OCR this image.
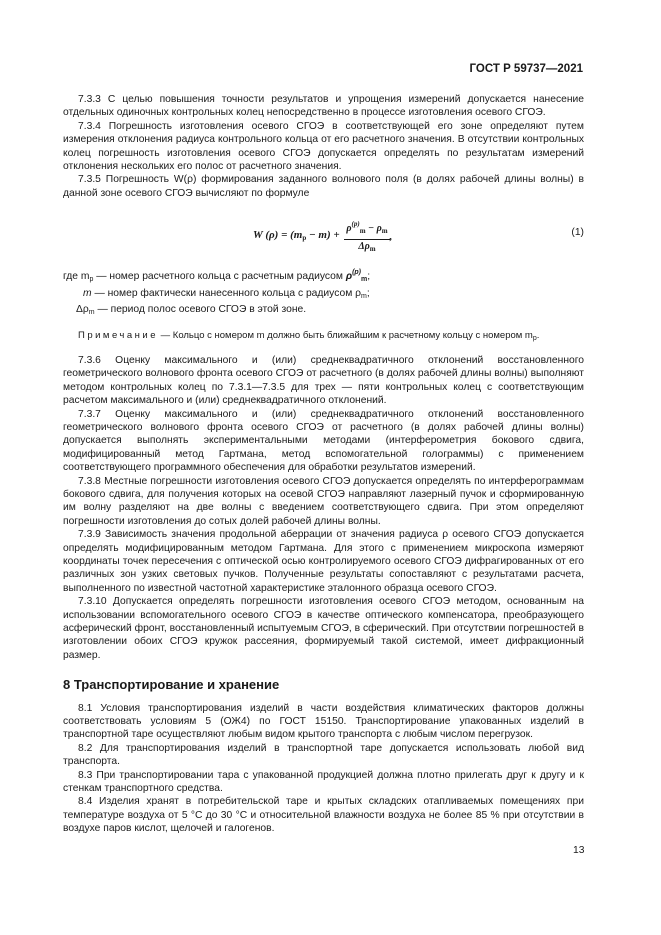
ГОСТ Р 59737—2021

7.3.3 С целью повышения точности результатов и упрощения измерений допускается нанесение отдельных одиночных контрольных колец непосредственно в процессе изготовления осевого СГОЭ.

7.3.4 Погрешность изготовления осевого СГОЭ в соответствующей его зоне определяют путем измерения отклонения радиуса контрольного кольца от его расчетного значения. В отсутствии контрольных колец погрешность изготовления осевого СГОЭ допускается определять по результатам измерений отклонения нескольких его полос от расчетного значения.

7.3.5 Погрешность W(ρ) формирования заданного волнового поля (в долях рабочей длины волны) в данной зоне осевого СГОЭ вычисляют по формуле

W $(\rho) = (m_p - m) + \frac{\rho^{(p)}_m - \rho_m}{\Delta\rho_m}$ ,	(1)

где $m_p$ — номер расчетного кольца с расчетным радиусом $\rho^{(p)}_m$;

m — номер фактически нанесенного кольца с радиусом $\rho_m$;

$\Delta\rho_m$ — период полос осевого СГОЭ в этой зоне.

Примечание — Кольцо с номером m должно быть ближайшим к расчетному кольцу с номером $m_p$.

7.3.6 Оценку максимального и (или) среднеквадратичного отклонений восстановленного геометрического волнового фронта осевого СГОЭ от расчетного (в долях рабочей длины волны) выполняют методом контрольных колец по 7.3.1—7.3.5 для трех — пяти контрольных колец с соответствующим расчетом максимального и (или) среднеквадратичного отклонений.

7.3.7 Оценку максимального и (или) среднеквадратичного отклонений восстановленного геометрического волнового фронта осевого СГОЭ от расчетного (в долях рабочей длины волны) допускается выполнять экспериментальными методами (интерферометрия бокового сдвига, модифицированный метод Гартмана, метод вспомогательной голограммы) с применением соответствующего программного обеспечения для обработки результатов измерений.

7.3.8 Местные погрешности изготовления осевого СГОЭ допускается определять по интерферограммам бокового сдвига, для получения которых на осевой СГОЭ направляют лазерный пучок и сформированную им волну разделяют на две волны с введением соответствующего сдвига. При этом определяют погрешности изготовления до сотых долей рабочей длины волны.

7.3.9 Зависимость значения продольной аберрации от значения радиуса ρ осевого СГОЭ допускается определять модифицированным методом Гартмана. Для этого с применением микроскопа измеряют координаты точек пересечения с оптической осью контролируемого осевого СГОЭ дифрагированных от его различных зон узких световых пучков. Полученные результаты сопоставляют с результатами расчета, выполненного по известной частотной характеристике эталонного образца осевого СГОЭ.

7.3.10 Допускается определять погрешности изготовления осевого СГОЭ методом, основанным на использовании вспомогательного осевого СГОЭ в качестве оптического компенсатора, преобразующего асферический фронт, восстановленный испытуемым СГОЭ, в сферический. При отсутствии погрешностей в изготовлении обоих СГОЭ кружок рассеяния, формируемый такой системой, имеет дифракционный размер.

8 Транспортирование и хранение

8.1 Условия транспортирования изделий в части воздействия климатических факторов должны соответствовать условиям 5 (ОЖ4) по ГОСТ 15150. Транспортирование упакованных изделий в транспортной таре осуществляют любым видом крытого транспорта с любым числом перегрузок.

8.2 Для транспортирования изделий в транспортной таре допускается использовать любой вид транспорта.

8.3 При транспортировании тара с упакованной продукцией должна плотно прилегать друг к другу и к стенкам транспортного средства.

8.4 Изделия хранят в потребительской таре и крытых складских отапливаемых помещениях при температуре воздуха от 5 °С до 30 °С и относительной влажности воздуха не более 85 % при отсутствии в воздухе паров кислот, щелочей и галогенов.

13
